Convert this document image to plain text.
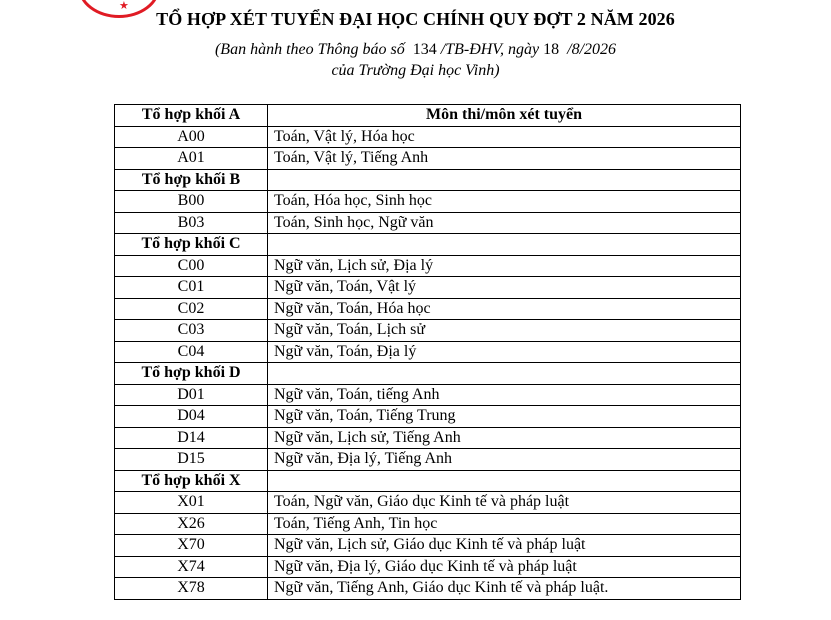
★
TỔ HỢP XÉT TUYỂN ĐẠI HỌC CHÍNH QUY ĐỢT 2 NĂM 2026
(Ban hành theo Thông báo số 134 /TB-ĐHV, ngày 18 /8/2026
của Trường Đại học Vinh)
Tổ hợp khối A	Môn thi/môn xét tuyển
A00	Toán, Vật lý, Hóa học
A01	Toán, Vật lý, Tiếng Anh
Tổ hợp khối B	
B00	Toán, Hóa học, Sinh học
B03	Toán, Sinh học, Ngữ văn
Tổ hợp khối C	
C00	Ngữ văn, Lịch sử, Địa lý
C01	Ngữ văn, Toán, Vật lý
C02	Ngữ văn, Toán, Hóa học
C03	Ngữ văn, Toán, Lịch sử
C04	Ngữ văn, Toán, Địa lý
Tổ hợp khối D	
D01	Ngữ văn, Toán, tiếng Anh
D04	Ngữ văn, Toán, Tiếng Trung
D14	Ngữ văn, Lịch sử, Tiếng Anh
D15	Ngữ văn, Địa lý, Tiếng Anh
Tổ hợp khối X	
X01	Toán, Ngữ văn, Giáo dục Kinh tế và pháp luật
X26	Toán, Tiếng Anh, Tin học
X70	Ngữ văn, Lịch sử, Giáo dục Kinh tế và pháp luật
X74	Ngữ văn, Địa lý, Giáo dục Kinh tế và pháp luật
X78	Ngữ văn, Tiếng Anh, Giáo dục Kinh tế và pháp luật.
